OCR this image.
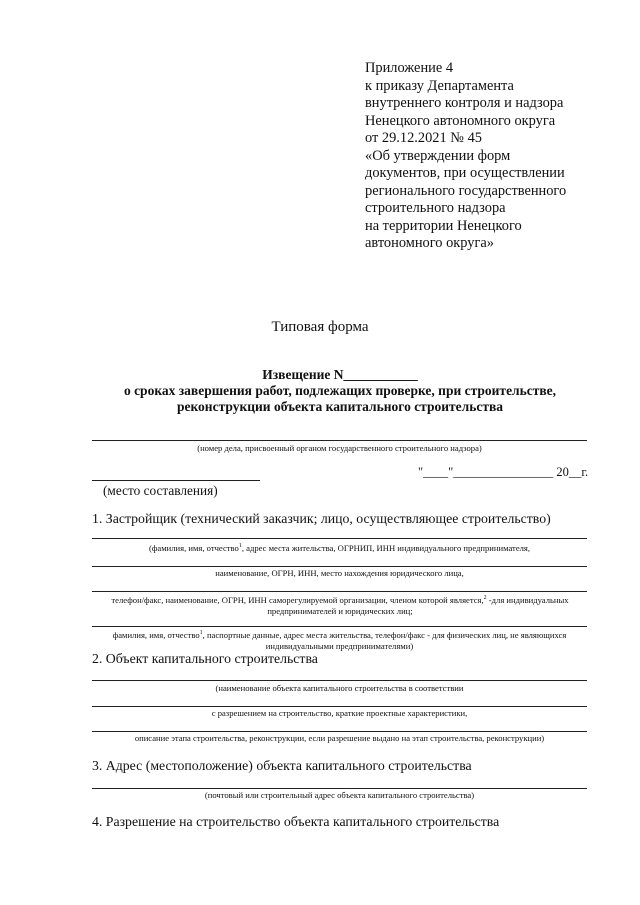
Приложение 4
к приказу Департамента
внутреннего контроля и надзора
Ненецкого автономного округа
от 29.12.2021 № 45
«Об утверждении форм
документов, при осуществлении
регионального государственного
строительного надзора
на территории Ненецкого
автономного округа»
Типовая форма
Извещение N___________
о сроках завершения работ, подлежащих проверке, при строительстве,
реконструкции объекта капитального строительства
(номер дела, присвоенный органом государственного строительного надзора)
"____"________________ 20__г.
(место составления)
1. Застройщик (технический заказчик; лицо, осуществляющее строительство)
(фамилия, имя, отчество$^1$, адрес места жительства, ОГРНИП, ИНН индивидуального предпринимателя,
наименование, ОГРН, ИНН, место нахождения юридического лица,
телефон/факс, наименование, ОГРН, ИНН саморегулируемой организации, членом которой является,$^2$ -для индивидуальных предпринимателей и юридических лиц;
фамилия, имя, отчество$^1$, паспортные данные, адрес места жительства, телефон/факс - для физических лиц, не являющихся индивидуальными предпринимателями)
2. Объект капитального строительства
(наименование объекта капитального строительства в соответствии
с разрешением на строительство, краткие проектные характеристики,
описание этапа строительства, реконструкции, если разрешение выдано на этап строительства, реконструкции)
3. Адрес (местоположение) объекта капитального строительства
(почтовый или строительный адрес объекта капитального строительства)
4. Разрешение на строительство объекта капитального строительства
